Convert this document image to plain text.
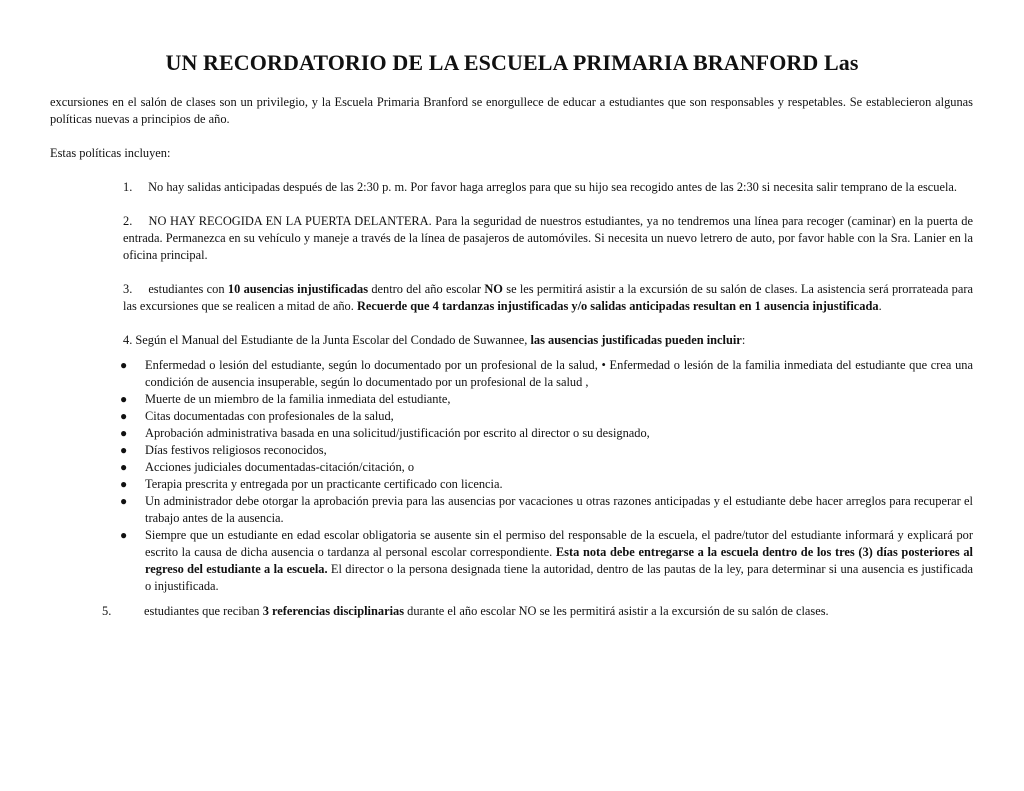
UN RECORDATORIO DE LA ESCUELA PRIMARIA BRANFORD Las

excursiones en el salón de clases son un privilegio, y la Escuela Primaria Branford se enorgullece de educar a estudiantes que son responsables y respetables. Se establecieron algunas políticas nuevas a principios de año.

Estas políticas incluyen:

1. No hay salidas anticipadas después de las 2:30 p. m. Por favor haga arreglos para que su hijo sea recogido antes de las 2:30 si necesita salir temprano de la escuela.

2. NO HAY RECOGIDA EN LA PUERTA DELANTERA. Para la seguridad de nuestros estudiantes, ya no tendremos una línea para recoger (caminar) en la puerta de entrada. Permanezca en su vehículo y maneje a través de la línea de pasajeros de automóviles. Si necesita un nuevo letrero de auto, por favor hable con la Sra. Lanier en la oficina principal.

3. estudiantes con 10 ausencias injustificadas dentro del año escolar NO se les permitirá asistir a la excursión de su salón de clases. La asistencia será prorrateada para las excursiones que se realicen a mitad de año. Recuerde que 4 tardanzas injustificadas y/o salidas anticipadas resultan en 1 ausencia injustificada.

4. Según el Manual del Estudiante de la Junta Escolar del Condado de Suwannee, las ausencias justificadas pueden incluir:

● Enfermedad o lesión del estudiante, según lo documentado por un profesional de la salud, • Enfermedad o lesión de la familia inmediata del estudiante que crea una condición de ausencia insuperable, según lo documentado por un profesional de la salud ,
● Muerte de un miembro de la familia inmediata del estudiante,
● Citas documentadas con profesionales de la salud,
● Aprobación administrativa basada en una solicitud/justificación por escrito al director o su designado,
● Días festivos religiosos reconocidos,
● Acciones judiciales documentadas-citación/citación, o
● Terapia prescrita y entregada por un practicante certificado con licencia.
● Un administrador debe otorgar la aprobación previa para las ausencias por vacaciones u otras razones anticipadas y el estudiante debe hacer arreglos para recuperar el trabajo antes de la ausencia.
● Siempre que un estudiante en edad escolar obligatoria se ausente sin el permiso del responsable de la escuela, el padre/tutor del estudiante informará y explicará por escrito la causa de dicha ausencia o tardanza al personal escolar correspondiente. Esta nota debe entregarse a la escuela dentro de los tres (3) días posteriores al regreso del estudiante a la escuela. El director o la persona designada tiene la autoridad, dentro de las pautas de la ley, para determinar si una ausencia es justificada o injustificada.

5.	estudiantes que reciban 3 referencias disciplinarias durante el año escolar NO se les permitirá asistir a la excursión de su salón de clases.
